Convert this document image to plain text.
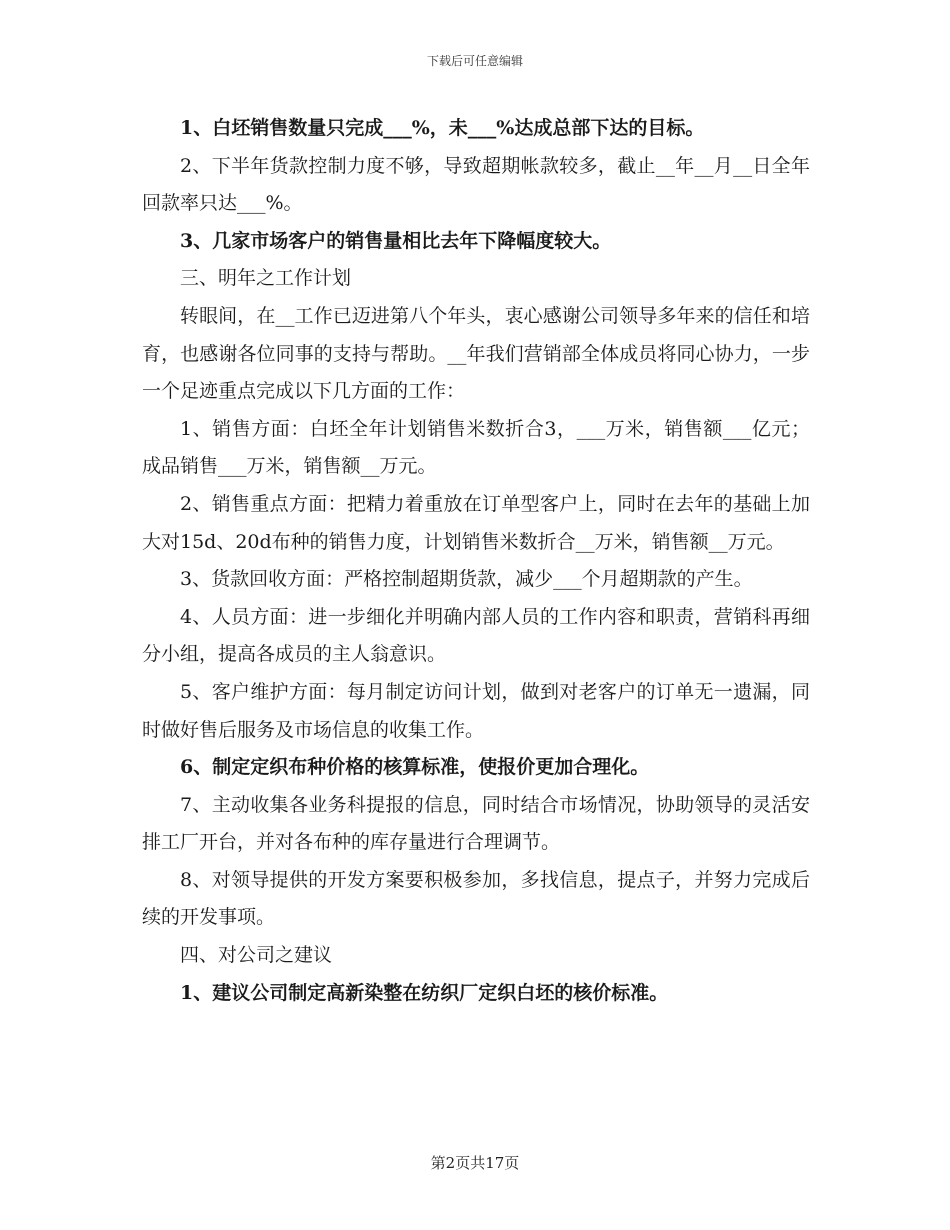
下载后可任意编辑

1、白坯销售数量只完成___%，未___%达成总部下达的目标。

2、下半年货款控制力度不够，导致超期帐款较多，截止__年__月__日全年回款率只达___%。

3、几家市场客户的销售量相比去年下降幅度较大。

三、明年之工作计划

转眼间，在__工作已迈进第八个年头，衷心感谢公司领导多年来的信任和培育，也感谢各位同事的支持与帮助。__年我们营销部全体成员将同心协力，一步一个足迹重点完成以下几方面的工作：

1、销售方面：白坯全年计划销售米数折合3，___万米，销售额___亿元；成品销售___万米，销售额__万元。

2、销售重点方面：把精力着重放在订单型客户上，同时在去年的基础上加大对15d、20d布种的销售力度，计划销售米数折合__万米，销售额__万元。

3、货款回收方面：严格控制超期货款，减少___个月超期款的产生。

4、人员方面：进一步细化并明确内部人员的工作内容和职责，营销科再细分小组，提高各成员的主人翁意识。

5、客户维护方面：每月制定访问计划，做到对老客户的订单无一遗漏，同时做好售后服务及市场信息的收集工作。

6、制定定织布种价格的核算标准，使报价更加合理化。

7、主动收集各业务科提报的信息，同时结合市场情况，协助领导的灵活安排工厂开台，并对各布种的库存量进行合理调节。

8、对领导提供的开发方案要积极参加，多找信息，提点子，并努力完成后续的开发事项。

四、对公司之建议

1、建议公司制定高新染整在纺织厂定织白坯的核价标准。

第2页共17页
